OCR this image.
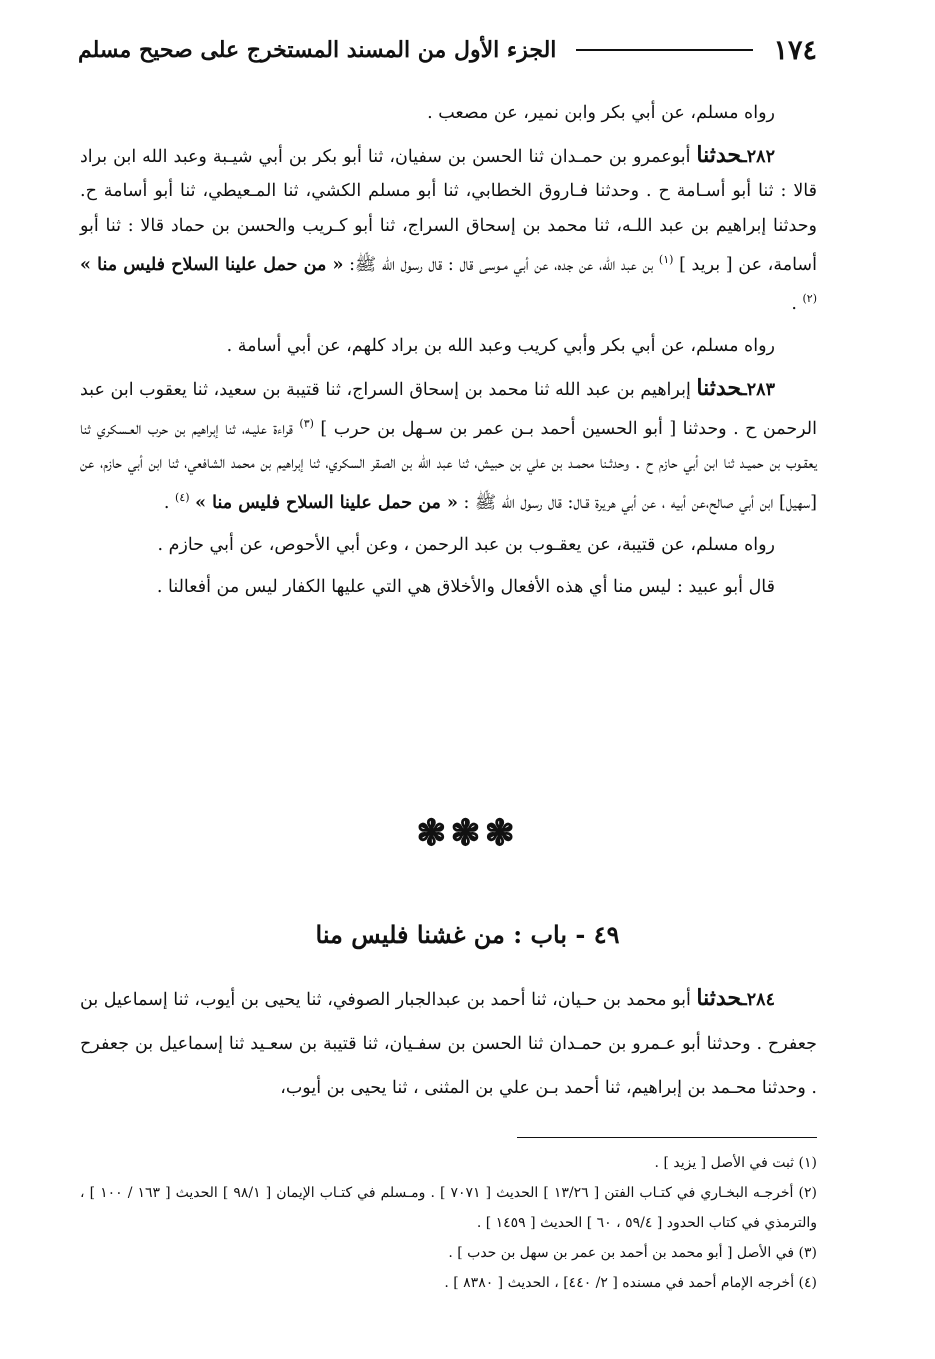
١٧٤
الجزء الأول من المسند المستخرج على صحيح مسلم

رواه مسلم، عن أبي بكر وابن نمير، عن مصعب .

٢٨٢ـحدثنا أبوعمرو بن حمـدان ثنا الحسن بن سفيان، ثنا أبو بكر بن أبي شيـبة وعبد الله ابن براد قالا : ثنا أبو أسـامة ح . وحدثنا فـاروق الخطابي، ثنا أبو مسلم الكشي، ثنا المـعيطي، ثنا أبو أسامة ح. وحدثنا إبراهيم بن عبد اللـه، ثنا محمد بن إسحاق السراج، ثنا أبو كـريب والحسن بن حماد قالا : ثنا أبو أسامة، عن [ بريد ] $^{(١)}$ بن عبد الله، عن جده، عن أبي مـوسى قال : قال رسول الله ﷺ: « من حمل علينا السلاح فليس منا » $^{(٢)}$ .

رواه مسلم، عن أبي بكر وأبي كريب وعبد الله بن براد كلهم، عن أبي أسامة .

٢٨٣ـحدثنا إبراهيم بن عبد الله ثنا محمد بن إسحاق السراج، ثنا قتيبة بن سعيد، ثنا يعقوب ابن عبد الرحمن ح . وحدثنا [ أبو الحسين أحمد بـن عمر بن سـهل بن حرب ] $^{(٣)}$ قراءة عليـه، ثنا إبراهيم بن حرب العـسكري ثنا يعقـوب بن حميـد ثنا ابن أبي حازم ح . وحدثـنا محمـد بن علي بن حبيش، ثنا عبد الله بن الصقر السكري، ثنا إبراهيم بن محمد الشافعي، ثنا ابن أبي حازم، عن [سهيل] ابن أبي صالح،عن أبيه ، عن أبي هريرة قـال: قال رسول الله ﷺ : « من حمل علينا السلاح فليس منا » $^{(٤)}$ .

رواه مسلم، عن قتيبة، عن يعقـوب بن عبد الرحمن ، وعن أبي الأحوص، عن أبي حازم .

قال أبو عبيد : ليس منا أي هذه الأفعال والأخلاق هي التي عليها الكفار ليس من أفعالنا .

❃❃❃
٤٩ - باب : من غشنا فليس منا

٢٨٤ـحدثنا أبو محمد بن حـيان، ثنا أحمد بن عبدالجبار الصوفي، ثنا يحيى بن أيوب، ثنا إسماعيل بن جعفرح . وحدثنا أبو عـمرو بن حمـدان ثنا الحسن بن سفـيان، ثنا قتيبة بن سعـيد ثنا إسماعيل بن جعفرح . وحدثنا محـمد بن إبراهيم، ثنا أحمد بـن علي بن المثنى ، ثنا يحيى بن أيوب،

(١) ثبت في الأصل [ يزيد ] .

(٢) أخرجـه البخـاري في كتـاب الفتن [ ١٣/٢٦ ] الحديث [ ٧٠٧١ ] . ومـسلم في كتـاب الإيمان [ ٩٨/١ ] الحديث [ ١٦٣ / ١٠٠ ] ، والترمذي في كتاب الحدود [ ٥٩/٤ ، ٦٠ ] الحديث [ ١٤٥٩ ] .

(٣) في الأصل [ أبو محمد بن أحمد بن عمر بن سهل بن حدب ] .

(٤) أخرجه الإمام أحمد في مسنده [ ٢/ ٤٤٠] ، الحديث [ ٨٣٨٠ ] .
